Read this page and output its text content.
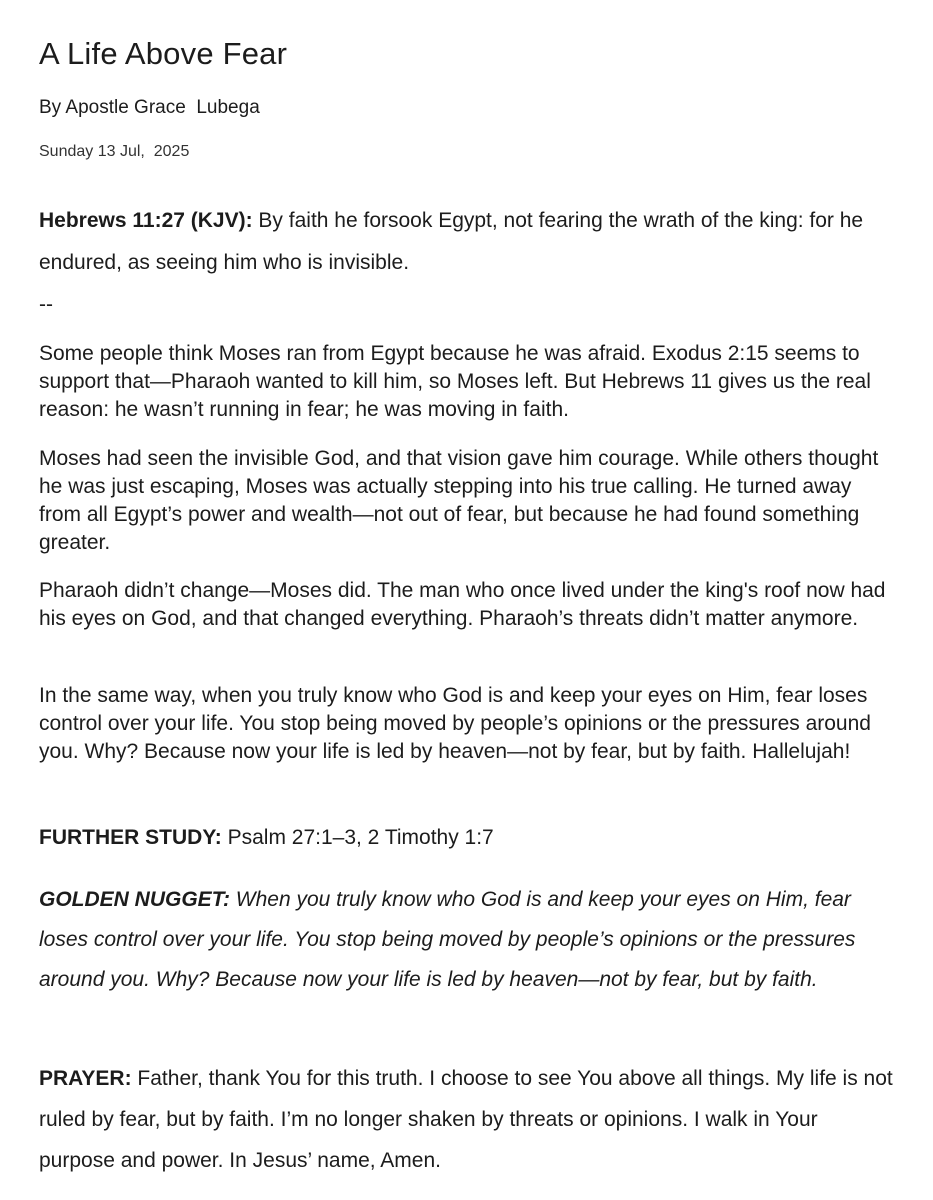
A Life Above Fear
By Apostle Grace  Lubega
Sunday 13 Jul,  2025

Hebrews 11:27 (KJV): By faith he forsook Egypt, not fearing the wrath of the king: for he endured, as seeing him who is invisible.

--

Some people think Moses ran from Egypt because he was afraid. Exodus 2:15 seems to support that—Pharaoh wanted to kill him, so Moses left. But Hebrews 11 gives us the real reason: he wasn’t running in fear; he was moving in faith.

Moses had seen the invisible God, and that vision gave him courage. While others thought he was just escaping, Moses was actually stepping into his true calling. He turned away from all Egypt’s power and wealth—not out of fear, but because he had found something greater.

Pharaoh didn’t change—Moses did. The man who once lived under the king's roof now had his eyes on God, and that changed everything. Pharaoh’s threats didn’t matter anymore.

In the same way, when you truly know who God is and keep your eyes on Him, fear loses control over your life. You stop being moved by people’s opinions or the pressures around you. Why? Because now your life is led by heaven—not by fear, but by faith. Hallelujah!

FURTHER STUDY: Psalm 27:1–3, 2 Timothy 1:7

GOLDEN NUGGET: When you truly know who God is and keep your eyes on Him, fear loses control over your life. You stop being moved by people’s opinions or the pressures around you. Why? Because now your life is led by heaven—not by fear, but by faith.

PRAYER: Father, thank You for this truth. I choose to see You above all things. My life is not ruled by fear, but by faith. I’m no longer shaken by threats or opinions. I walk in Your purpose and power. In Jesus’ name, Amen.
